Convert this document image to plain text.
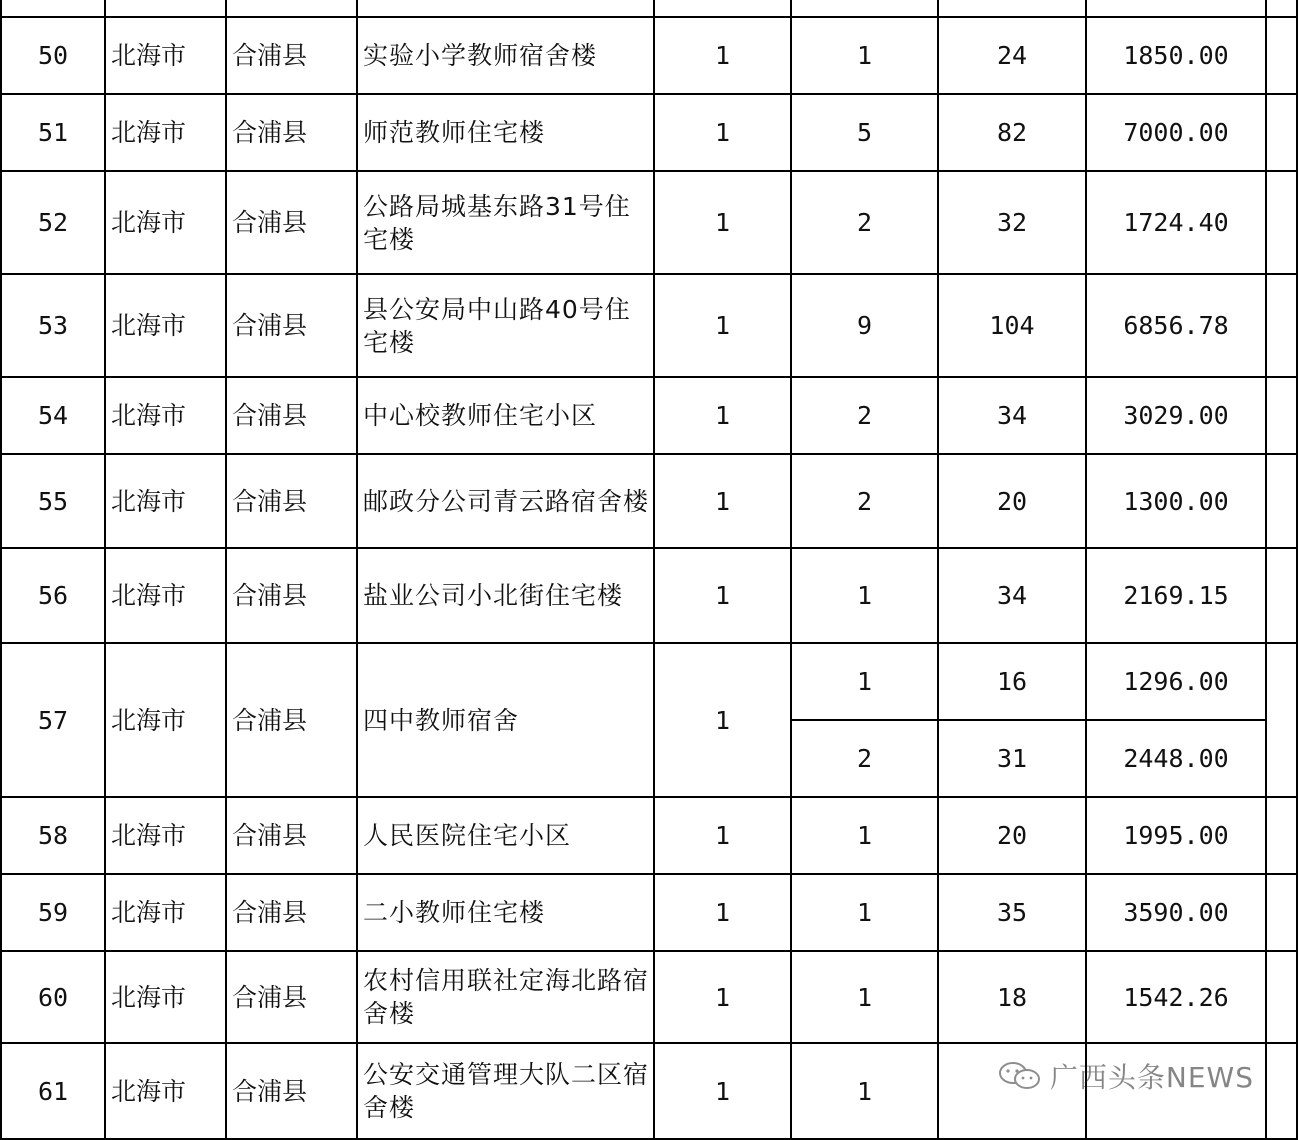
50	北海市	合浦县	实验小学教师宿舍楼	1	1	24	1850.00	
51	北海市	合浦县	师范教师住宅楼	1	5	82	7000.00	
52	北海市	合浦县	公路局城基东路31号住宅楼	1	2	32	1724.40	
53	北海市	合浦县	县公安局中山路40号住宅楼	1	9	104	6856.78	
54	北海市	合浦县	中心校教师住宅小区	1	2	34	3029.00	
55	北海市	合浦县	邮政分公司青云路宿舍楼	1	2	20	1300.00	
56	北海市	合浦县	盐业公司小北街住宅楼	1	1	34	2169.15	
57	北海市	合浦县	四中教师宿舍	1	1	16	1296.00	
					2	31	2448.00	
58	北海市	合浦县	人民医院住宅小区	1	1	20	1995.00	
59	北海市	合浦县	二小教师住宅楼	1	1	35	3590.00	
60	北海市	合浦县	农村信用联社定海北路宿舍楼	1	1	18	1542.26	
61	北海市	合浦县	公安交通管理大队二区宿舍楼	1	1				广西头条NEWS
